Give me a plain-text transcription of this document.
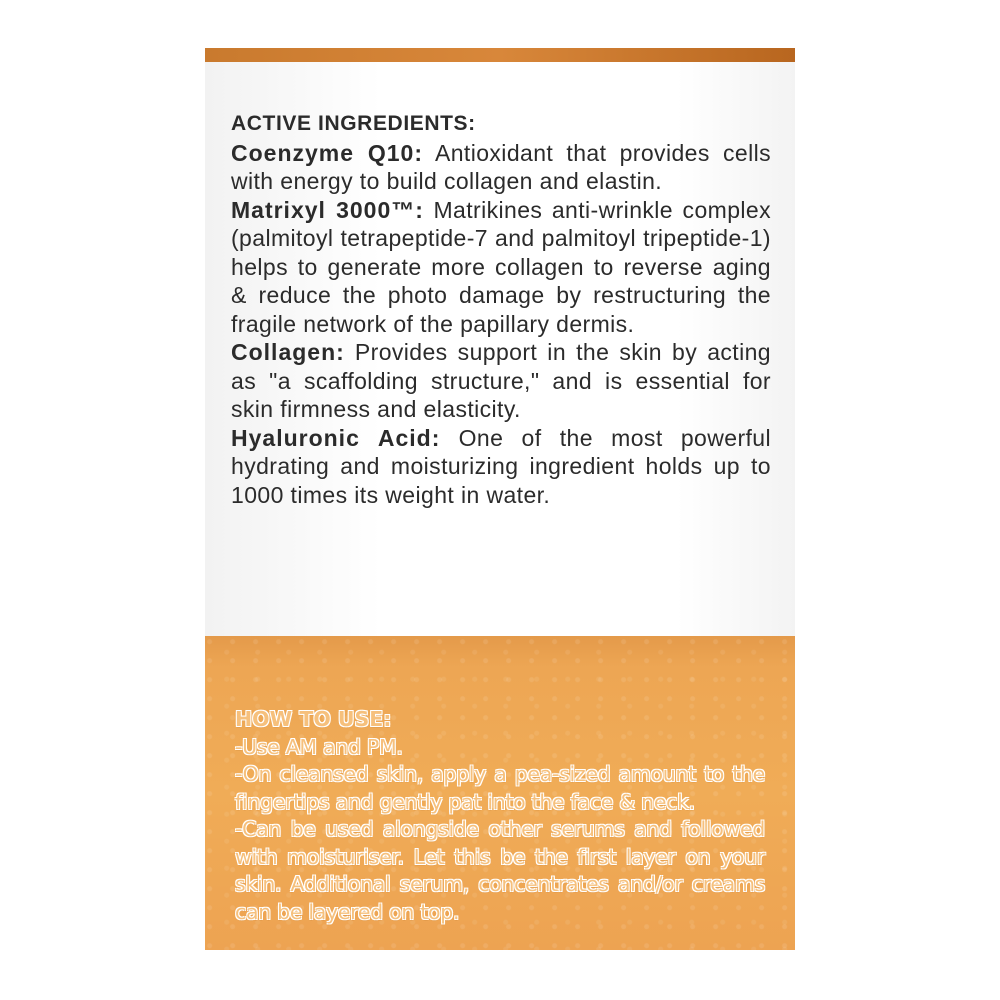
ACTIVE INGREDIENTS:

Coenzyme Q10: Antioxidant that provides cells with energy to build collagen and elastin.

Matrixyl 3000™: Matrikines anti-wrinkle complex (palmitoyl tetrapeptide-7 and palmitoyl tripeptide-1) helps to generate more collagen to reverse aging & reduce the photo damage by restructuring the fragile network of the papillary dermis.

Collagen: Provides support in the skin by acting as "a scaffolding structure," and is essential for skin firmness and elasticity.

Hyaluronic Acid: One of the most powerful hydrating and moisturizing ingredient holds up to 1000 times its weight in water.

HOW TO USE:

-Use AM and PM.

-On cleansed skin, apply a pea-sized amount to the fingertips and gently pat into the face & neck.

-Can be used alongside other serums and followed with moisturiser. Let this be the first layer on your skin. Additional serum, concentrates and/or creams can be layered on top.
